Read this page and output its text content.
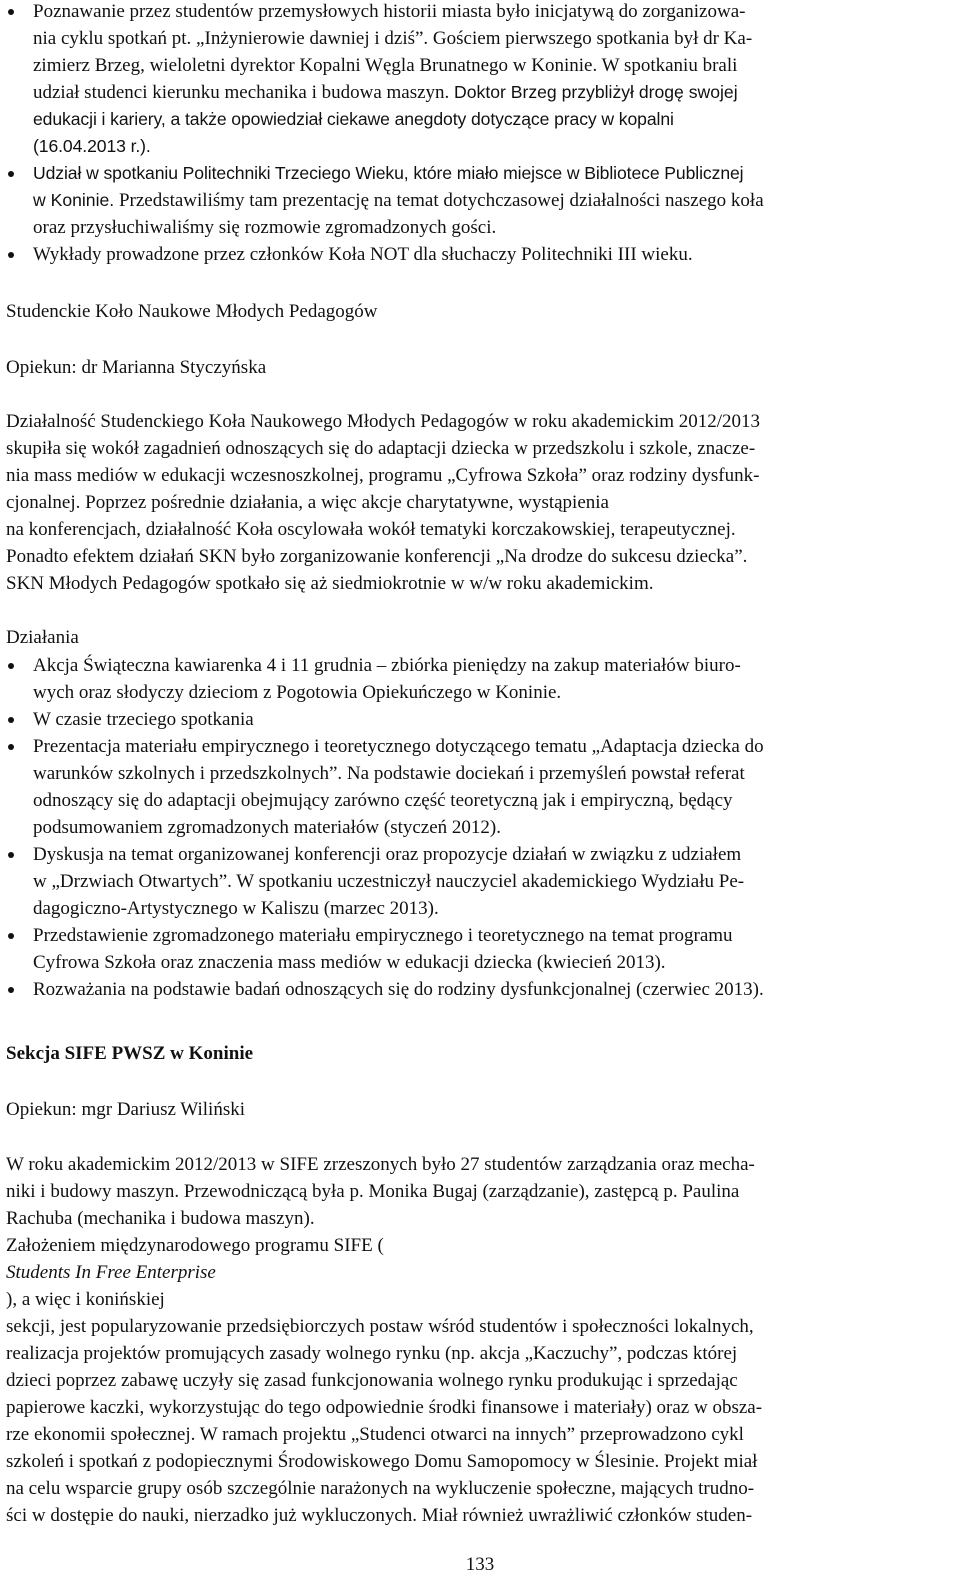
Poznawanie przez studentów przemysłowych historii miasta było inicjatywą do zorganizowa-
nia cyklu spotkań pt. „Inżynierowie dawniej i dziś”. Gościem pierwszego spotkania był dr Ka-
zimierz Brzeg, wieloletni dyrektor Kopalni Węgla Brunatnego w Koninie. W spotkaniu brali
udział studenci kierunku mechanika i budowa maszyn. Doktor Brzeg przybliżył drogę swojej
edukacji i kariery, a także opowiedział ciekawe anegdoty dotyczące pracy w kopalni
(16.04.2013 r.).
Udział w spotkaniu Politechniki Trzeciego Wieku, które miało miejsce w Bibliotece Publicznej
w Koninie. Przedstawiliśmy tam prezentację na temat dotychczasowej działalności naszego koła
oraz przysłuchiwaliśmy się rozmowie zgromadzonych gości.
Wykłady prowadzone przez członków Koła NOT dla słuchaczy Politechniki III wieku.
Studenckie Koło Naukowe Młodych Pedagogów
Opiekun: dr Marianna Styczyńska
Działalność Studenckiego Koła Naukowego Młodych Pedagogów w roku akademickim 2012/2013
skupiła się wokół zagadnień odnoszących się do adaptacji dziecka w przedszkolu i szkole, znacze-
nia mass mediów w edukacji wczesnoszkolnej, programu „Cyfrowa Szkoła” oraz rodziny dysfunk-
cjonalnej. Poprzez pośrednie działania, a więc akcje charytatywne, wystąpienia
na konferencjach, działalność Koła oscylowała wokół tematyki korczakowskiej, terapeutycznej.
Ponadto efektem działań SKN było zorganizowanie konferencji „Na drodze do sukcesu dziecka”.
SKN Młodych Pedagogów spotkało się aż siedmiokrotnie w w/w roku akademickim.
Działania
Akcja Świąteczna kawiarenka 4 i 11 grudnia – zbiórka pieniędzy na zakup materiałów biuro-
wych oraz słodyczy dzieciom z Pogotowia Opiekuńczego w Koninie.
W czasie trzeciego spotkania
Prezentacja materiału empirycznego i teoretycznego dotyczącego tematu „Adaptacja dziecka do
warunków szkolnych i przedszkolnych”. Na podstawie dociekań i przemyśleń powstał referat
odnoszący się do adaptacji obejmujący zarówno część teoretyczną jak i empiryczną, będący
podsumowaniem zgromadzonych materiałów (styczeń 2012).
Dyskusja na temat organizowanej konferencji oraz propozycje działań w związku z udziałem
w „Drzwiach Otwartych”. W spotkaniu uczestniczył nauczyciel akademickiego Wydziału Pe-
dagogiczno-Artystycznego w Kaliszu (marzec 2013).
Przedstawienie zgromadzonego materiału empirycznego i teoretycznego na temat programu
Cyfrowa Szkoła oraz znaczenia mass mediów w edukacji dziecka (kwiecień 2013).
Rozważania na podstawie badań odnoszących się do rodziny dysfunkcjonalnej (czerwiec 2013).
Sekcja SIFE PWSZ w Koninie
Opiekun: mgr Dariusz Wiliński
W roku akademickim 2012/2013 w SIFE zrzeszonych było 27 studentów zarządzania oraz mecha-
niki i budowy maszyn. Przewodniczącą była p. Monika Bugaj (zarządzanie), zastępcą p. Paulina
Rachuba (mechanika i budowa maszyn).
Założeniem międzynarodowego programu SIFE (
Students In Free Enterprise
), a więc i konińskiej
sekcji, jest popularyzowanie przedsiębiorczych postaw wśród studentów i społeczności lokalnych,
realizacja projektów promujących zasady wolnego rynku (np. akcja „Kaczuchy”, podczas której
dzieci poprzez zabawę uczyły się zasad funkcjonowania wolnego rynku produkując i sprzedając
papierowe kaczki, wykorzystując do tego odpowiednie środki finansowe i materiały) oraz w obsza-
rze ekonomii społecznej. W ramach projektu „Studenci otwarci na innych” przeprowadzono cykl
szkoleń i spotkań z podopiecznymi Środowiskowego Domu Samopomocy w Ślesinie. Projekt miał
na celu wsparcie grupy osób szczególnie narażonych na wykluczenie społeczne, mających trudno-
ści w dostępie do nauki, nierzadko już wykluczonych. Miał również uwrażliwić członków studen-
133
